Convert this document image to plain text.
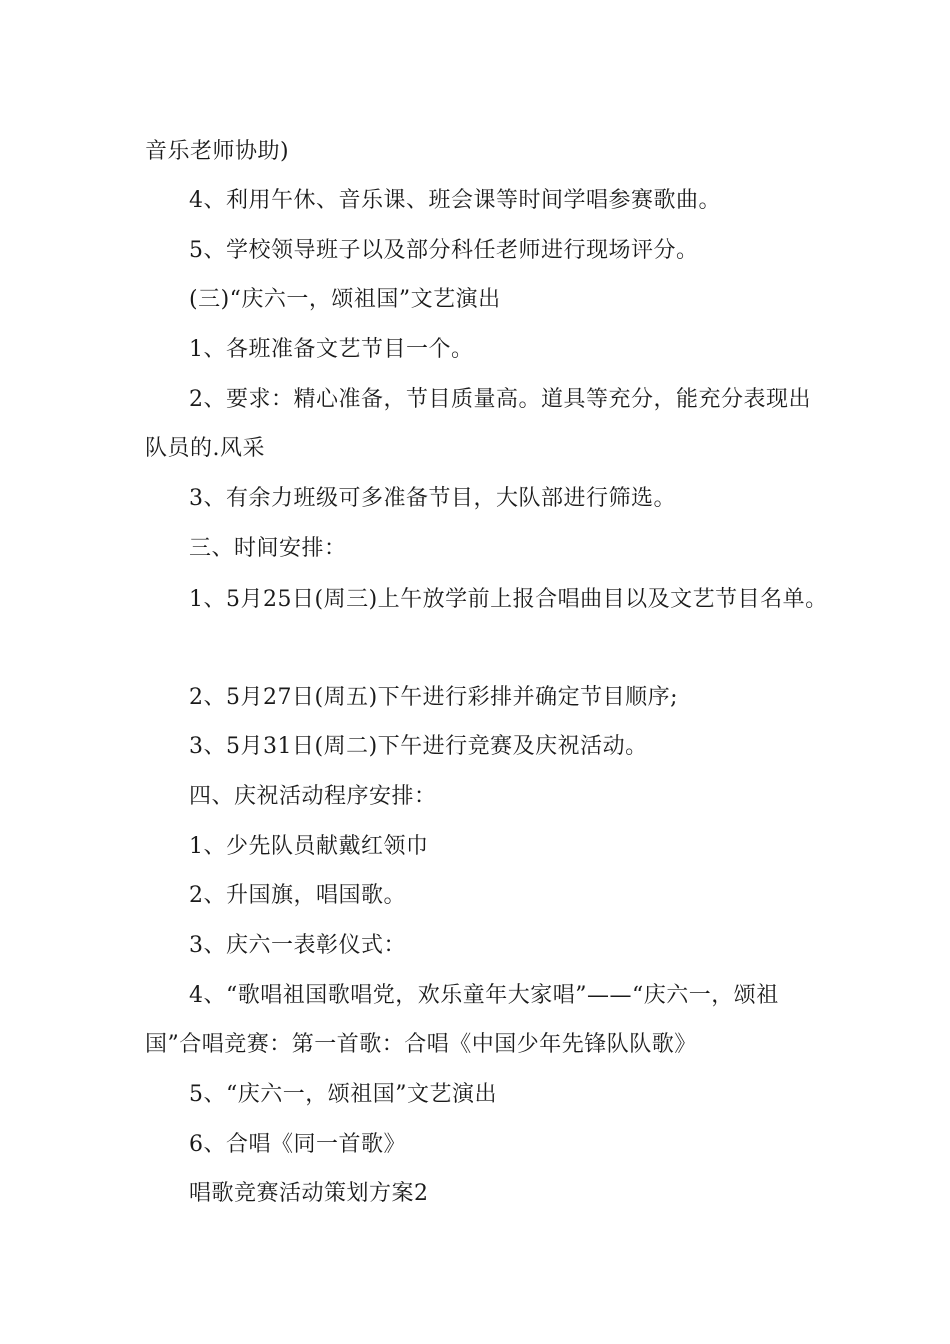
音乐老师协助)
4、利用午休、音乐课、班会课等时间学唱参赛歌曲。
5、学校领导班子以及部分科任老师进行现场评分。
(三)“庆六一，颂祖国”文艺演出
1、各班准备文艺节目一个。
2、要求：精心准备，节目质量高。道具等充分，能充分表现出
队员的.风采
3、有余力班级可多准备节目，大队部进行筛选。
三、时间安排：
1、5月25日(周三)上午放学前上报合唱曲目以及文艺节目名单。
2、5月27日(周五)下午进行彩排并确定节目顺序;
3、5月31日(周二)下午进行竞赛及庆祝活动。
四、庆祝活动程序安排：
1、少先队员献戴红领巾
2、升国旗，唱国歌。
3、庆六一表彰仪式：
4、“歌唱祖国歌唱党，欢乐童年大家唱”——“庆六一，颂祖
国”合唱竞赛：第一首歌：合唱《中国少年先锋队队歌》
5、“庆六一，颂祖国”文艺演出
6、合唱《同一首歌》
唱歌竞赛活动策划方案2
